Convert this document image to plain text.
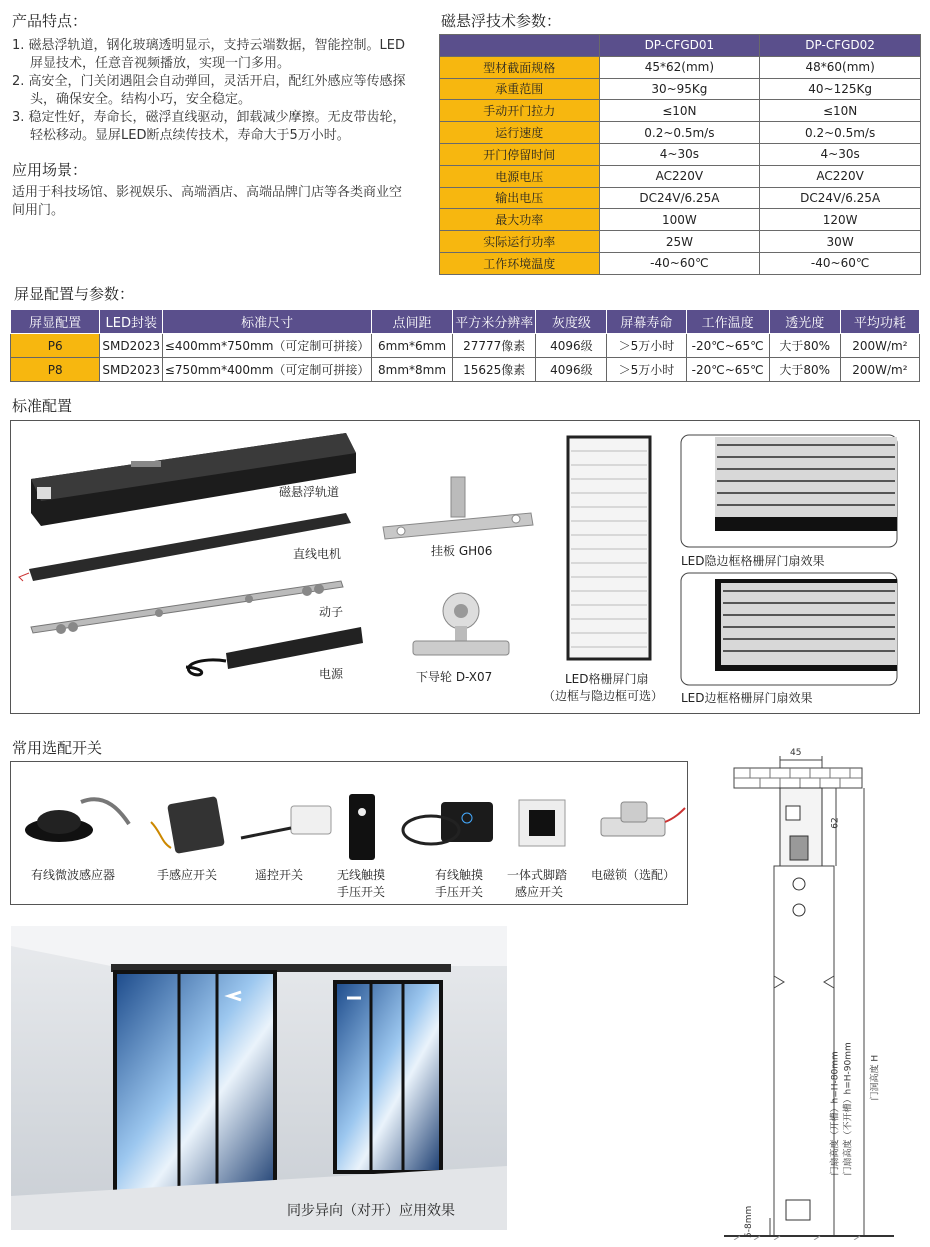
产品特点：
1. 磁悬浮轨道，钢化玻璃透明显示，支持云端数据，智能控制。LED屏显技术，任意音视频播放，实现一门多用。
2. 高安全，门关闭遇阻会自动弹回，灵活开启，配红外感应等传感探头，确保安全。结构小巧，安全稳定。
3. 稳定性好，寿命长，磁浮直线驱动，卸载减少摩擦。无皮带齿轮，轻松移动。显屏LED断点续传技术，寿命大于5万小时。
应用场景：
适用于科技场馆、影视娱乐、高端酒店、高端品牌门店等各类商业空间用门。
磁悬浮技术参数：
	DP-CFGD01	DP-CFGD02
型材截面规格	45*62(mm)	48*60(mm)
承重范围	30~95Kg	40~125Kg
手动开门拉力	≤10N	≤10N
运行速度	0.2~0.5m/s	0.2~0.5m/s
开门停留时间	4~30s	4~30s
电源电压	AC220V	AC220V
输出电压	DC24V/6.25A	DC24V/6.25A
最大功率	100W	120W
实际运行功率	25W	30W
工作环境温度	-40~60℃	-40~60℃
屏显配置与参数：
屏显配置	LED封装	标准尺寸	点间距	平方米分辨率	灰度级	屏幕寿命	工作温度	透光度	平均功耗
P6	SMD2023	≤400mm*750mm（可定制可拼接）	6mm*6mm	27777像素	4096级	＞5万小时	-20℃~65℃	大于80%	200W/m²
P8	SMD2023	≤750mm*400mm（可定制可拼接）	8mm*8mm	15625像素	4096级	＞5万小时	-20℃~65℃	大于80%	200W/m²
标准配置
磁悬浮轨道
直线电机
动子
电源
挂板 GH06
下导轮 D-X07	LED格栅屏门扇
（边框与隐边框可选）
LED隐边框格栅屏门扇效果
LED边框格栅屏门扇效果
常用选配开关
有线微波感应器	手感应开关	遥控开关	无线触摸
手压开关
有线触摸
手压开关
一体式脚踏
感应开关
电磁锁（选配）
同步异向（对开）应用效果
45
62
门扇高度（开槽）h=H-80mm 门扇高度（不开槽）h=H-90mm	门洞高度 H
5-8mm
